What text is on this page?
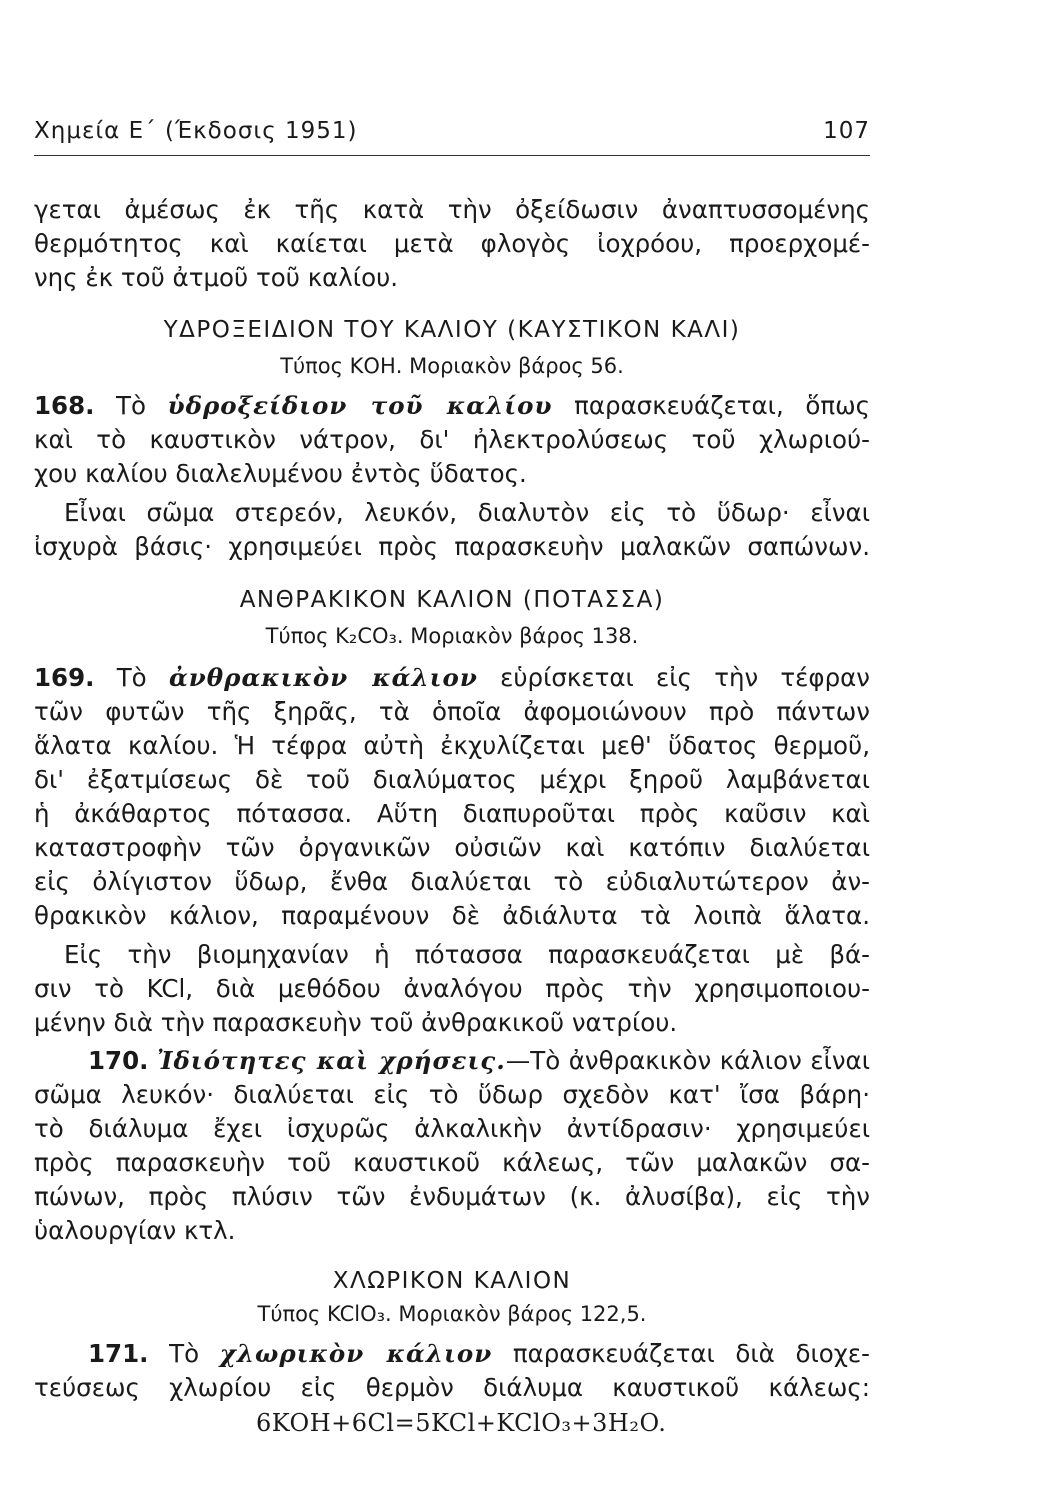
Χημεία Ε΄ (Έκδοσις 1951)	107
γεται ἀμέσως ἐκ τῆς κατὰ τὴν ὀξείδωσιν ἀναπτυσσομένης
θερμότητος καὶ καίεται μετὰ φλογὸς ἰοχρόου, προερχομέ-
νης ἐκ τοῦ ἀτμοῦ τοῦ καλίου.
ΥΔΡΟΞΕΙΔΙΟΝ ΤΟΥ ΚΑΛΙΟΥ (ΚΑΥΣΤΙΚΟΝ ΚΑΛΙ)
Τύπος ΚΟΗ. Μοριακὸν βάρος 56.
168. Τὸ ὑδροξείδιον τοῦ καλίου παρασκευάζεται, ὅπως
καὶ τὸ καυστικὸν νάτρον, δι' ἠλεκτρολύσεως τοῦ χλωριού-
χου καλίου διαλελυμένου ἐντὸς ὕδατος.
Εἶναι σῶμα στερεόν, λευκόν, διαλυτὸν εἰς τὸ ὕδωρ· εἶναι
ἰσχυρὰ βάσις· χρησιμεύει πρὸς παρασκευὴν μαλακῶν σαπώνων.
ΑΝΘΡΑΚΙΚΟΝ ΚΑΛΙΟΝ (ΠΟΤΑΣΣΑ)
Τύπος K₂CO₃. Μοριακὸν βάρος 138.
169. Τὸ ἀνθρακικὸν κάλιον εὑρίσκεται εἰς τὴν τέφραν
τῶν φυτῶν τῆς ξηρᾶς, τὰ ὁποῖα ἀφομοιώνουν πρὸ πάντων
ἅλατα καλίου. Ἡ τέφρα αὐτὴ ἐκχυλίζεται μεθ' ὕδατος θερμοῦ,
δι' ἐξατμίσεως δὲ τοῦ διαλύματος μέχρι ξηροῦ λαμβάνεται
ἡ ἀκάθαρτος πότασσα. Αὕτη διαπυροῦται πρὸς καῦσιν καὶ
καταστροφὴν τῶν ὀργανικῶν οὐσιῶν καὶ κατόπιν διαλύεται
εἰς ὀλίγιστον ὕδωρ, ἔνθα διαλύεται τὸ εὐδιαλυτώτερον ἀν-
θρακικὸν κάλιον, παραμένουν δὲ ἀδιάλυτα τὰ λοιπὰ ἅλατα.
Εἰς τὴν βιομηχανίαν ἡ πότασσα παρασκευάζεται μὲ βά-
σιν τὸ KCl, διὰ μεθόδου ἀναλόγου πρὸς τὴν χρησιμοποιου-
μένην διὰ τὴν παρασκευὴν τοῦ ἀνθρακικοῦ νατρίου.
170. Ἰδιότητες καὶ χρήσεις.—Τὸ ἀνθρακικὸν κάλιον εἶναι
σῶμα λευκόν· διαλύεται εἰς τὸ ὕδωρ σχεδὸν κατ' ἴσα βάρη·
τὸ διάλυμα ἔχει ἰσχυρῶς ἀλκαλικὴν ἀντίδρασιν· χρησιμεύει
πρὸς παρασκευὴν τοῦ καυστικοῦ κάλεως, τῶν μαλακῶν σα-
πώνων, πρὸς πλύσιν τῶν ἐνδυμάτων (κ. ἀλυσίβα), εἰς τὴν
ὑαλουργίαν κτλ.
ΧΛΩΡΙΚΟΝ ΚΑΛΙΟΝ
Τύπος KClO₃. Μοριακὸν βάρος 122,5.
171. Τὸ χλωρικὸν κάλιον παρασκευάζεται διὰ διοχε-
τεύσεως χλωρίου εἰς θερμὸν διάλυμα καυστικοῦ κάλεως:
6KOH+6Cl=5KCl+KClO₃+3H₂O.
